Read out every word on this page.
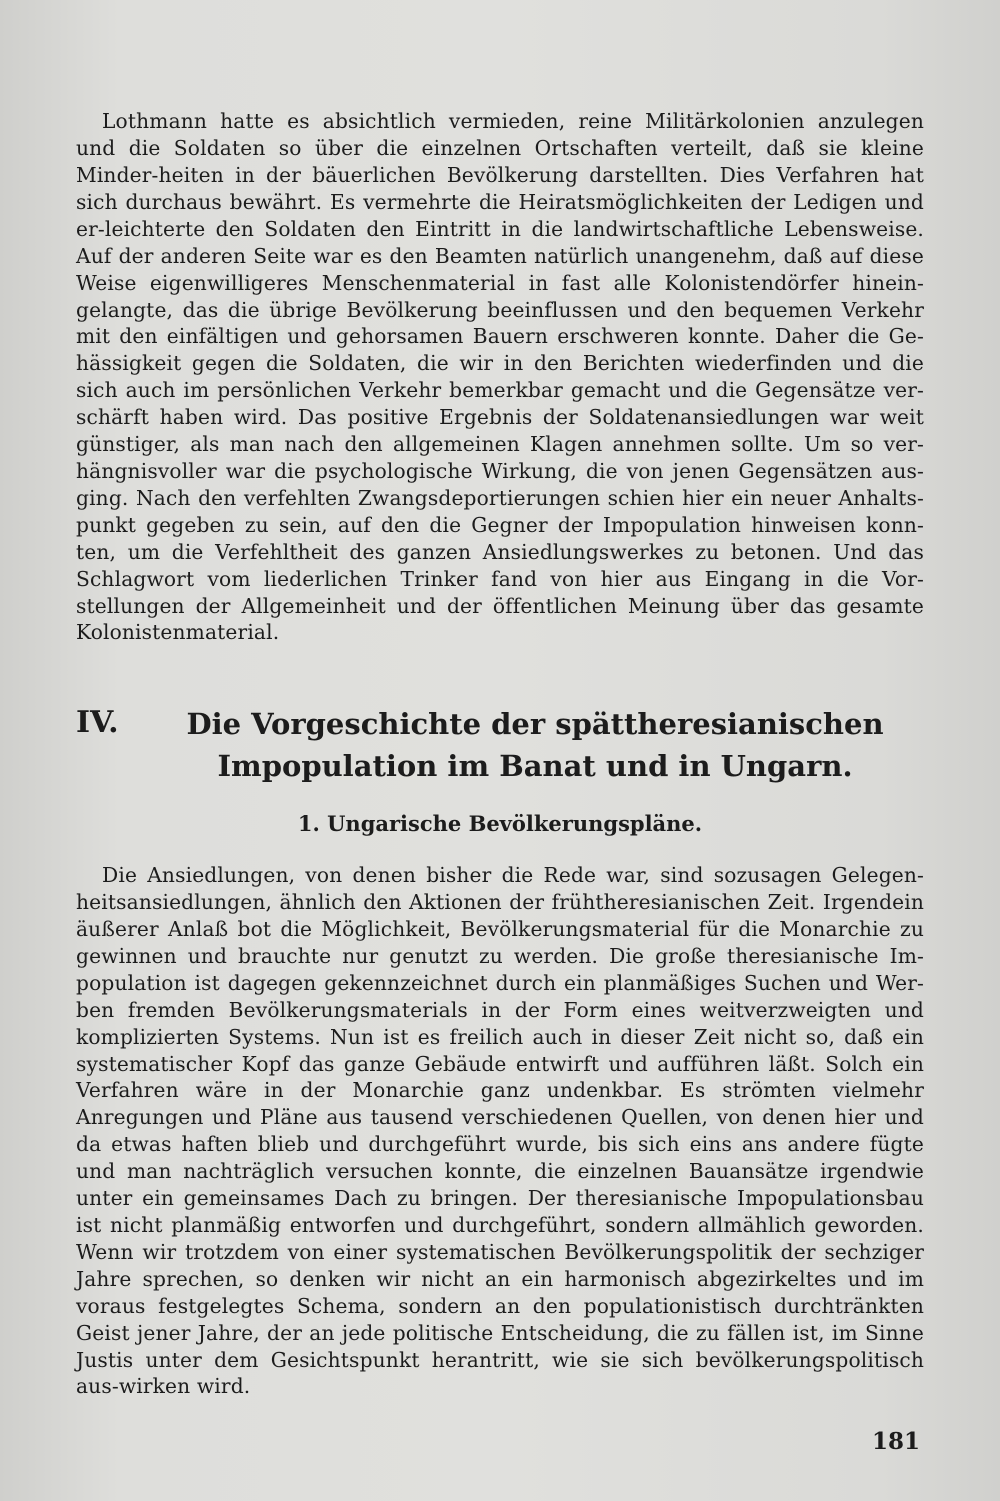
Lothmann hatte es absichtlich vermieden, reine Militärkolonien anzulegen und die Soldaten so über die einzelnen Ortschaften verteilt, daß sie kleine Minder-heiten in der bäuerlichen Bevölkerung darstellten. Dies Verfahren hat sich durchaus bewährt. Es vermehrte die Heiratsmöglichkeiten der Ledigen und er-leichterte den Soldaten den Eintritt in die landwirtschaftliche Lebensweise. Auf der anderen Seite war es den Beamten natürlich unangenehm, daß auf diese Weise eigenwilligeres Menschenmaterial in fast alle Kolonistendörfer hinein-gelangte, das die übrige Bevölkerung beeinflussen und den bequemen Verkehr mit den einfältigen und gehorsamen Bauern erschweren konnte. Daher die Ge-hässigkeit gegen die Soldaten, die wir in den Berichten wiederfinden und die sich auch im persönlichen Verkehr bemerkbar gemacht und die Gegensätze ver-schärft haben wird. Das positive Ergebnis der Soldatenansiedlungen war weit günstiger, als man nach den allgemeinen Klagen annehmen sollte. Um so ver-hängnisvoller war die psychologische Wirkung, die von jenen Gegensätzen aus-ging. Nach den verfehlten Zwangsdeportierungen schien hier ein neuer Anhalts-punkt gegeben zu sein, auf den die Gegner der Impopulation hinweisen konn-ten, um die Verfehltheit des ganzen Ansiedlungswerkes zu betonen. Und das Schlagwort vom liederlichen Trinker fand von hier aus Eingang in die Vor-stellungen der Allgemeinheit und der öffentlichen Meinung über das gesamte Kolonistenmaterial.

IV.	Die Vorgeschichte der spättheresianischen Impopulation im Banat und in Ungarn.
1. Ungarische Bevölkerungspläne.

Die Ansiedlungen, von denen bisher die Rede war, sind sozusagen Gelegen-heitsansiedlungen, ähnlich den Aktionen der frühtheresianischen Zeit. Irgendein äußerer Anlaß bot die Möglichkeit, Bevölkerungsmaterial für die Monarchie zu gewinnen und brauchte nur genutzt zu werden. Die große theresianische Im-population ist dagegen gekennzeichnet durch ein planmäßiges Suchen und Wer-ben fremden Bevölkerungsmaterials in der Form eines weitverzweigten und komplizierten Systems. Nun ist es freilich auch in dieser Zeit nicht so, daß ein systematischer Kopf das ganze Gebäude entwirft und aufführen läßt. Solch ein Verfahren wäre in der Monarchie ganz undenkbar. Es strömten vielmehr Anregungen und Pläne aus tausend verschiedenen Quellen, von denen hier und da etwas haften blieb und durchgeführt wurde, bis sich eins ans andere fügte und man nachträglich versuchen konnte, die einzelnen Bauansätze irgendwie unter ein gemeinsames Dach zu bringen. Der theresianische Impopulationsbau ist nicht planmäßig entworfen und durchgeführt, sondern allmählich geworden. Wenn wir trotzdem von einer systematischen Bevölkerungspolitik der sechziger Jahre sprechen, so denken wir nicht an ein harmonisch abgezirkeltes und im voraus festgelegtes Schema, sondern an den populationistisch durchtränkten Geist jener Jahre, der an jede politische Entscheidung, die zu fällen ist, im Sinne Justis unter dem Gesichtspunkt herantritt, wie sie sich bevölkerungspolitisch aus-wirken wird.

181
